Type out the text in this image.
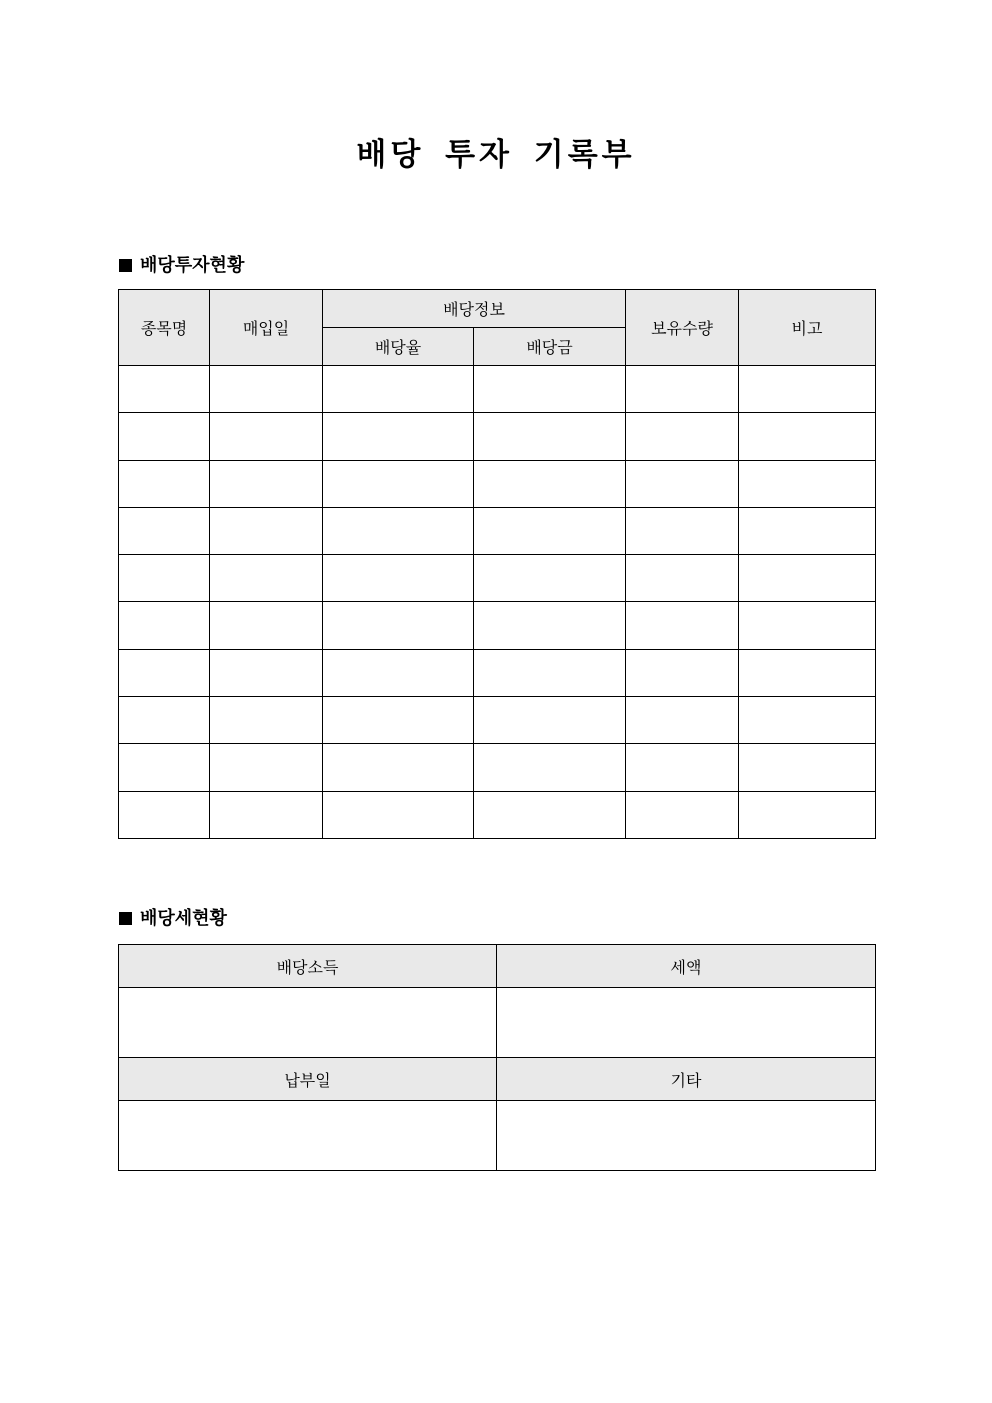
배당 투자 기록부
배당투자현황
종목명	매입일	배당정보		보유수량	비고
		배당율	배당금		

배당세현황
배당소득	세액

납부일	기타
